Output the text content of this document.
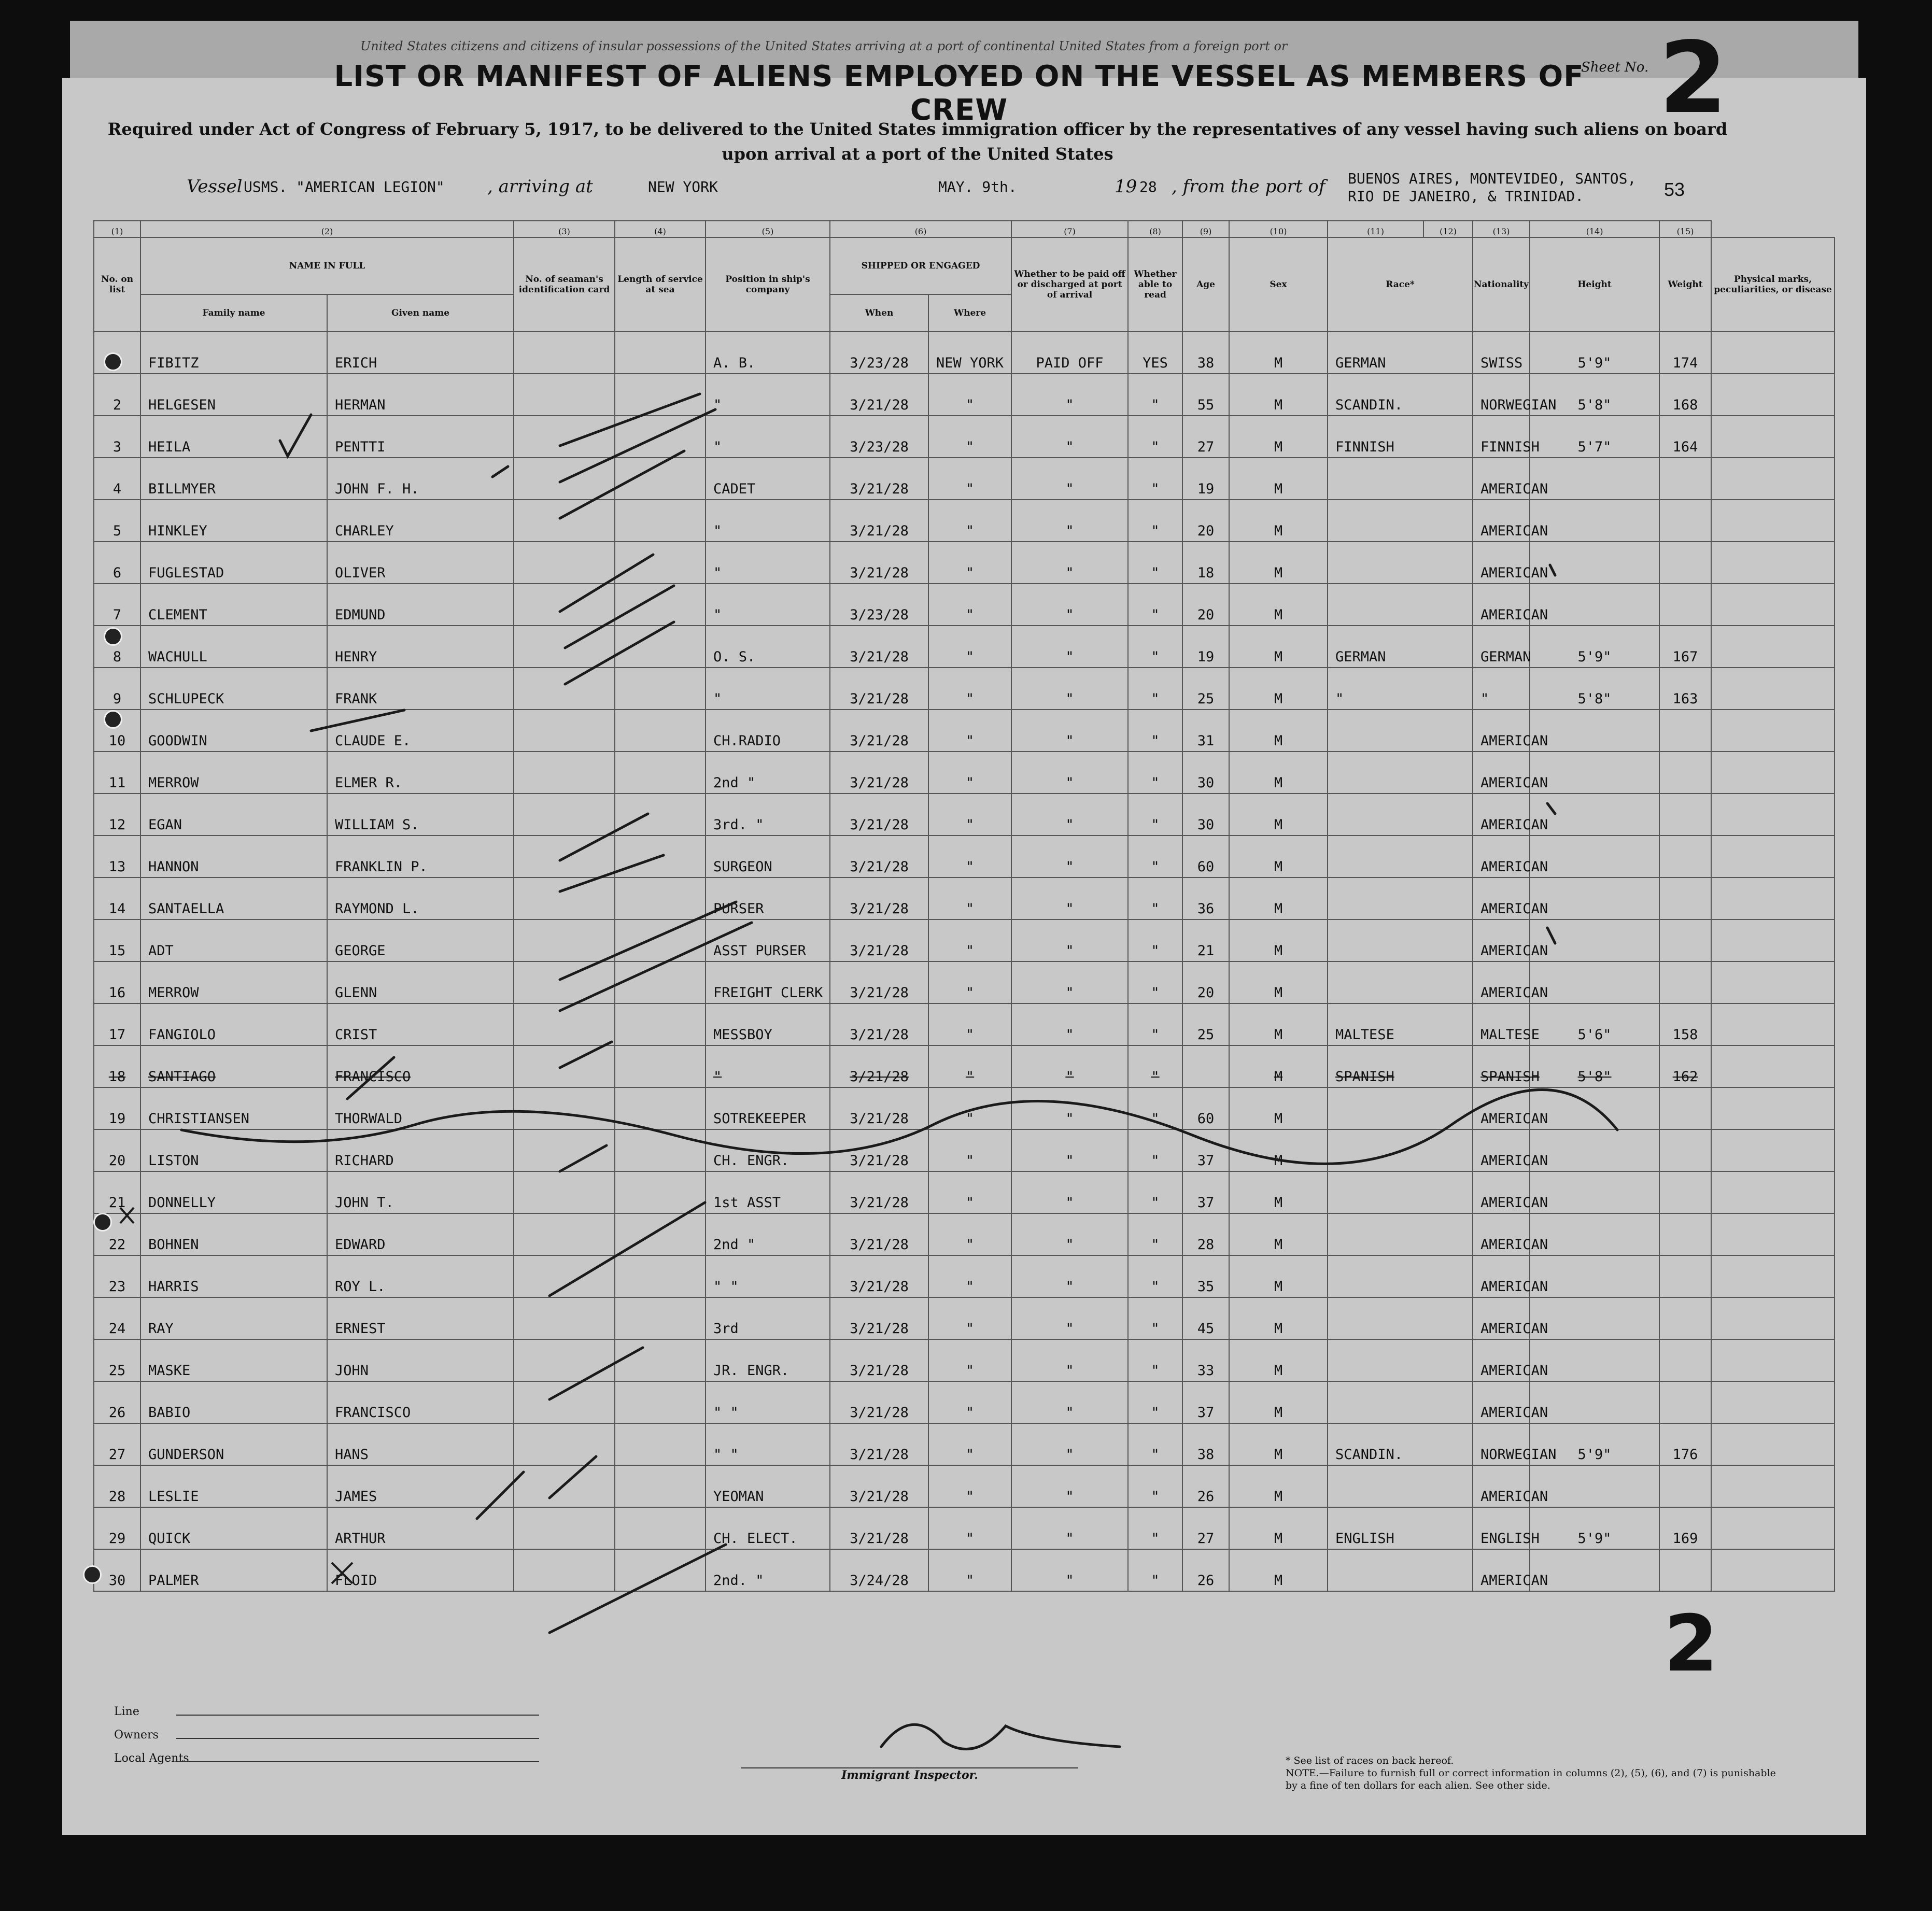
United States citizens and citizens of insular possessions of the United States arriving at a port of continental United States from a foreign port or
Sheet No. 2
LIST OR MANIFEST OF ALIENS EMPLOYED ON THE VESSEL AS MEMBERS OF CREW
Required under Act of Congress of February 5, 1917, to be delivered to the United States immigration officer by the representatives of any vessel having such aliens on board upon arrival at a port of the United States
Vessel USMS. "AMERICAN LEGION" , arriving at	NEW YORK	MAY. 9th.	19 28 , from the port of BUENOS AIRES, MONTEVIDEO, SANTOS,
RIO DE JANEIRO, & TRINIDAD.	53
(1)	(2)		(3)	(4)	(5)	(6)		(7)	(8)	(9)	(10)	(11)	(12)	(13)	(14)	(15)	
No. on list	NAME IN FULL		No. of seaman's identification card	Length of service at sea	Position in ship's company	SHIPPED OR ENGAGED		Whether to be paid off or discharged at port of arrival	Whether able to read	Age	Sex	Race*		Nationality	Height	Weight	Physical marks, peculiarities, or disease
	Family name	Given name				When	Where										
	FIBITZ	ERICH			A. B.	3/23/28	NEW YORK	PAID OFF	YES	38	M	GERMAN		SWISS	5'9"	174	
2	HELGESEN	HERMAN			"	3/21/28	"	"	"	55	M	SCANDIN.		NORWEGIAN	5'8"	168	
3	HEILA	PENTTI			"	3/23/28	"	"	"	27	M	FINNISH		FINNISH	5'7"	164	
4	BILLMYER	JOHN F. H.			CADET	3/21/28	"	"	"	19	M			AMERICAN			
5	HINKLEY	CHARLEY			"	3/21/28	"	"	"	20	M			AMERICAN			
6	FUGLESTAD	OLIVER			"	3/21/28	"	"	"	18	M			AMERICAN			
7	CLEMENT	EDMUND			"	3/23/28	"	"	"	20	M			AMERICAN			
8	WACHULL	HENRY			O. S.	3/21/28	"	"	"	19	M	GERMAN		GERMAN	5'9"	167	
9	SCHLUPECK	FRANK			"	3/21/28	"	"	"	25	M	"		"	5'8"	163	
10	GOODWIN	CLAUDE E.			CH.RADIO	3/21/28	"	"	"	31	M			AMERICAN			
11	MERROW	ELMER R.			2nd "	3/21/28	"	"	"	30	M			AMERICAN			
12	EGAN	WILLIAM S.			3rd. "	3/21/28	"	"	"	30	M			AMERICAN			
13	HANNON	FRANKLIN P.			SURGEON	3/21/28	"	"	"	60	M			AMERICAN			
14	SANTAELLA	RAYMOND L.			PURSER	3/21/28	"	"	"	36	M			AMERICAN			
15	ADT	GEORGE			ASST PURSER	3/21/28	"	"	"	21	M			AMERICAN			
16	MERROW	GLENN			FREIGHT CLERK	3/21/28	"	"	"	20	M			AMERICAN			
17	FANGIOLO	CRIST			MESSBOY	3/21/28	"	"	"	25	M	MALTESE		MALTESE	5'6"	158	
18	SANTIAGO	FRANCISCO			"	3/21/28	"	"	"		M	SPANISH		SPANISH	5'8"	162	
19	CHRISTIANSEN	THORWALD			SOTREKEEPER	3/21/28	"	"	"	60	M			AMERICAN			
20	LISTON	RICHARD			CH. ENGR.	3/21/28	"	"	"	37	M			AMERICAN			
21	DONNELLY	JOHN T.			1st ASST	3/21/28	"	"	"	37	M			AMERICAN			
22	BOHNEN	EDWARD			2nd "	3/21/28	"	"	"	28	M			AMERICAN			
23	HARRIS	ROY L.			" "	3/21/28	"	"	"	35	M			AMERICAN			
24	RAY	ERNEST			3rd	3/21/28	"	"	"	45	M			AMERICAN			
25	MASKE	JOHN			JR. ENGR.	3/21/28	"	"	"	33	M			AMERICAN			
26	BABIO	FRANCISCO			" "	3/21/28	"	"	"	37	M			AMERICAN			
27	GUNDERSON	HANS			" "	3/21/28	"	"	"	38	M	SCANDIN.		NORWEGIAN	5'9"	176	
28	LESLIE	JAMES			YEOMAN	3/21/28	"	"	"	26	M			AMERICAN			
29	QUICK	ARTHUR			CH. ELECT.	3/21/28	"	"	"	27	M	ENGLISH		ENGLISH	5'9"	169	
30	PALMER	FLOID			2nd. "	3/24/28	"	"	"	26	M			AMERICAN			
Line
Owners
Local Agents
Immigrant Inspector.
* See list of races on back hereof.
NOTE.—Failure to furnish full or correct information in columns (2), (5), (6), and (7) is punishable by a fine of ten dollars for each alien. See other side.
2
